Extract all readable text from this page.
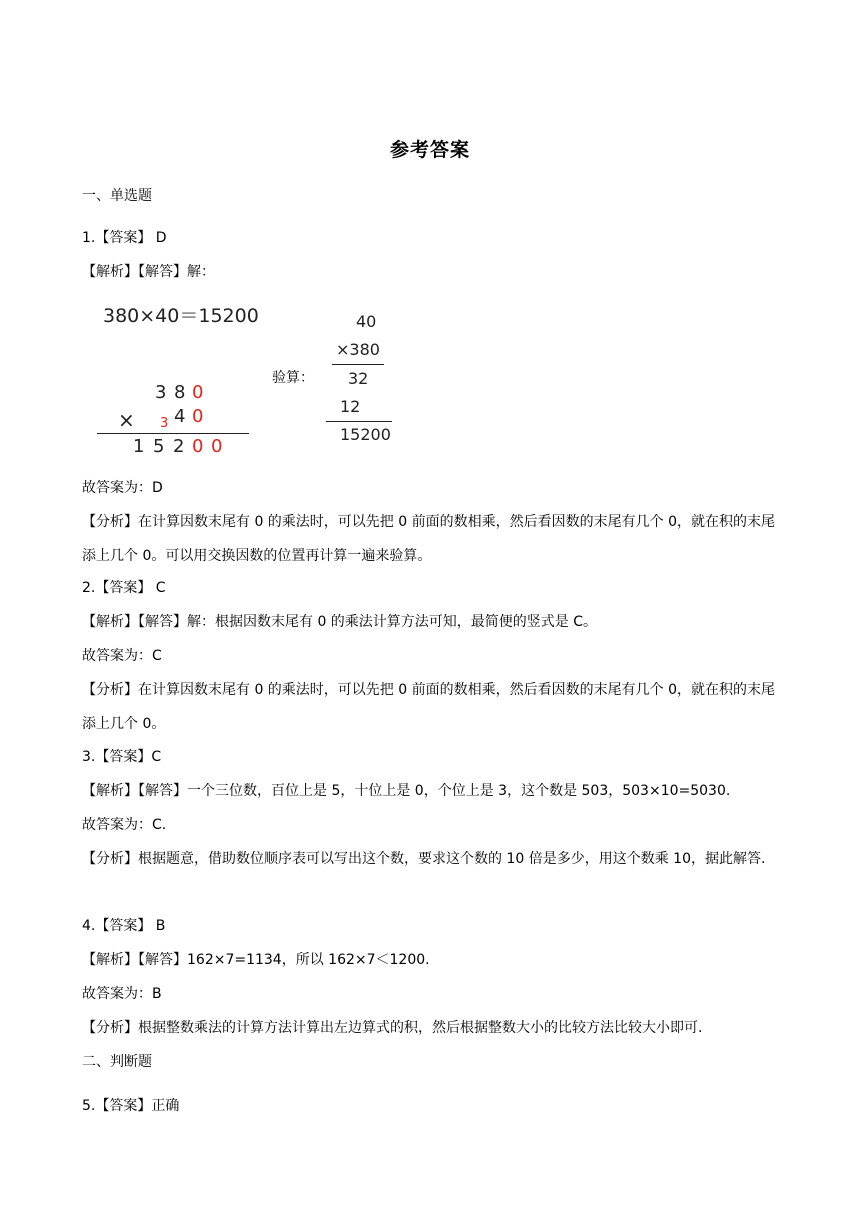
参考答案
一、单选题
1.【答案】 D
【解析】【解答】解：
380×40＝15200
3 8 0
× 3 4 0
1 5 2 0 0
验算：
40
×380
32
12
15200
故答案为：D
【分析】在计算因数末尾有 0 的乘法时，可以先把 0 前面的数相乘，然后看因数的末尾有几个 0，就在积的末尾添上几个 0。可以用交换因数的位置再计算一遍来验算。
2.【答案】 C
【解析】【解答】解：根据因数末尾有 0 的乘法计算方法可知，最简便的竖式是 C。
故答案为：C
【分析】在计算因数末尾有 0 的乘法时，可以先把 0 前面的数相乘，然后看因数的末尾有几个 0，就在积的末尾添上几个 0。
3.【答案】C
【解析】【解答】一个三位数，百位上是 5，十位上是 0，个位上是 3，这个数是 503，503×10=5030.
故答案为：C.
【分析】根据题意，借助数位顺序表可以写出这个数，要求这个数的 10 倍是多少，用这个数乘 10，据此解答.
4.【答案】 B
【解析】【解答】162×7=1134，所以 162×7＜1200.
故答案为：B
【分析】根据整数乘法的计算方法计算出左边算式的积，然后根据整数大小的比较方法比较大小即可.
二、判断题
5.【答案】正确
